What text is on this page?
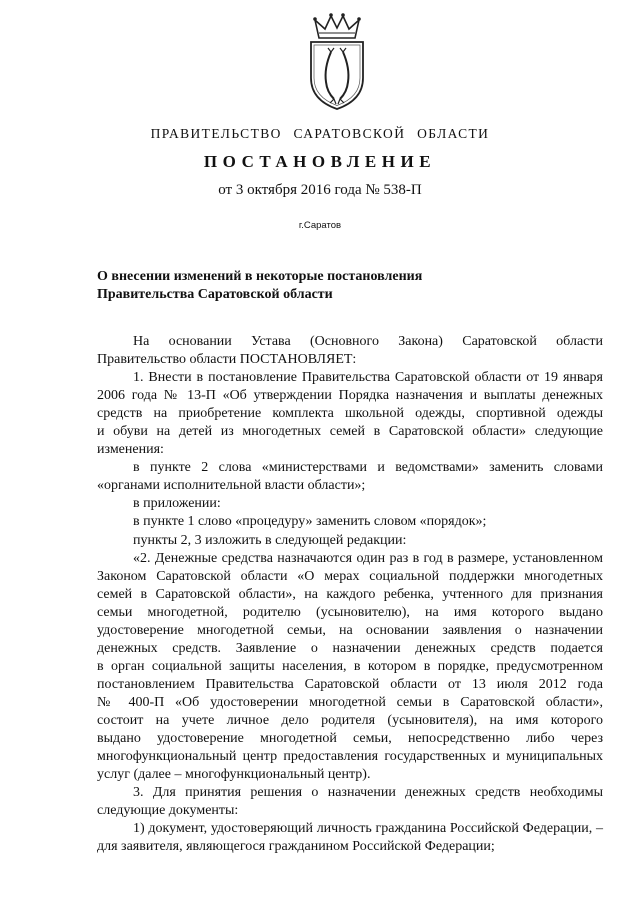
ПРАВИТЕЛЬСТВО САРАТОВСКОЙ ОБЛАСТИ
ПОСТАНОВЛЕНИЕ
от 3 октября 2016 года № 538-П
г.Саратов
О внесении изменений в некоторые постановления
Правительства Саратовской области
На основании Устава (Основного Закона) Саратовской области
Правительство области ПОСТАНОВЛЯЕТ:
1. Внести в постановление Правительства Саратовской области от 19 января
2006 года № 13-П «Об утверждении Порядка назначения и выплаты денежных
средств на приобретение комплекта школьной одежды, спортивной одежды
и обуви на детей из многодетных семей в Саратовской области» следующие
изменения:
в пункте 2 слова «министерствами и ведомствами» заменить словами
«органами исполнительной власти области»;
в приложении:
в пункте 1 слово «процедуру» заменить словом «порядок»;
пункты 2, 3 изложить в следующей редакции:
«2. Денежные средства назначаются один раз в год в размере, установленном
Законом Саратовской области «О мерах социальной поддержки многодетных
семей в Саратовской области», на каждого ребенка, учтенного для признания
семьи многодетной, родителю (усыновителю), на имя которого выдано
удостоверение многодетной семьи, на основании заявления о назначении
денежных средств. Заявление о назначении денежных средств подается
в орган социальной защиты населения, в котором в порядке, предусмотренном
постановлением Правительства Саратовской области от 13 июля 2012 года
№ 400-П «Об удостоверении многодетной семьи в Саратовской области»,
состоит на учете личное дело родителя (усыновителя), на имя которого
выдано удостоверение многодетной семьи, непосредственно либо через
многофункциональный центр предоставления государственных и муниципальных
услуг (далее – многофункциональный центр).
3. Для принятия решения о назначении денежных средств необходимы
следующие документы:
1) документ, удостоверяющий личность гражданина Российской Федерации, –
для заявителя, являющегося гражданином Российской Федерации;
